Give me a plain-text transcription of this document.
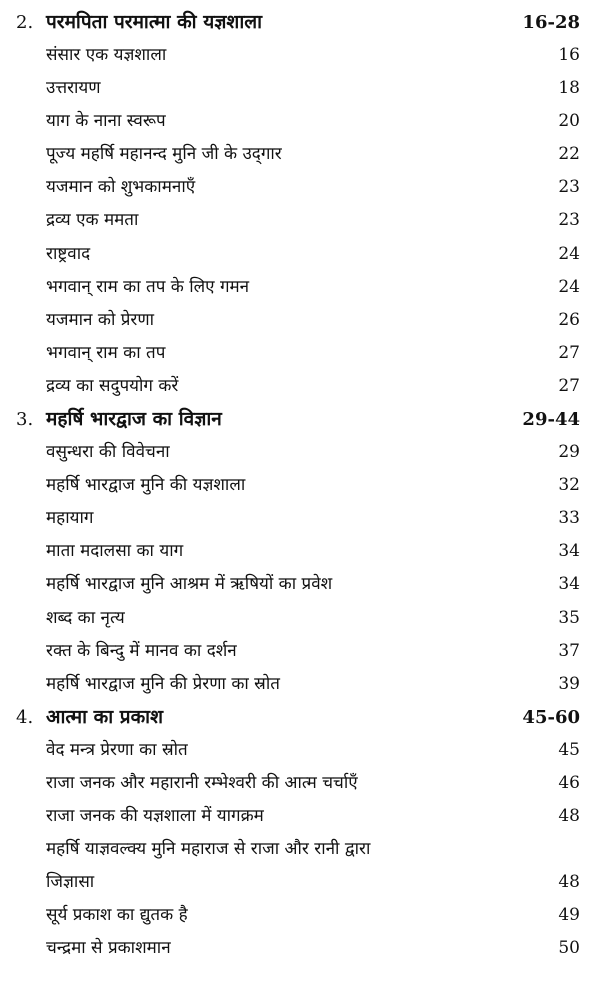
2. परमपिता परमात्मा की यज्ञशाला	16-28
संसार एक यज्ञशाला	16
उत्तरायण	18
याग के नाना स्वरूप	20
पूज्य महर्षि महानन्द मुनि जी के उद्‌गार	22
यजमान को शुभकामनाएँ	23
द्रव्य एक ममता	23
राष्ट्रवाद	24
भगवान्‌ राम का तप के लिए गमन	24
यजमान को प्रेरणा	26
भगवान्‌ राम का तप	27
द्रव्य का सदुपयोग करें	27
3. महर्षि भारद्वाज का विज्ञान	29-44
वसुन्धरा की विवेचना	29
महर्षि भारद्वाज मुनि की यज्ञशाला	32
महायाग	33
माता मदालसा का याग	34
महर्षि भारद्वाज मुनि आश्रम में ऋषियों का प्रवेश	34
शब्द का नृत्य	35
रक्त के बिन्दु में मानव का दर्शन	37
महर्षि भारद्वाज मुनि की प्रेरणा का स्रोत	39
4. आत्मा का प्रकाश	45-60
वेद मन्त्र प्रेरणा का स्रोत	45
राजा जनक और महारानी रम्भेश्वरी की आत्म चर्चाएँ	46
राजा जनक की यज्ञशाला में यागक्रम	48
महर्षि याज्ञवल्क्य मुनि महाराज से राजा और रानी द्वारा
जिज्ञासा	48
सूर्य प्रकाश का द्युतक है	49
चन्द्रमा से प्रकाशमान	50
